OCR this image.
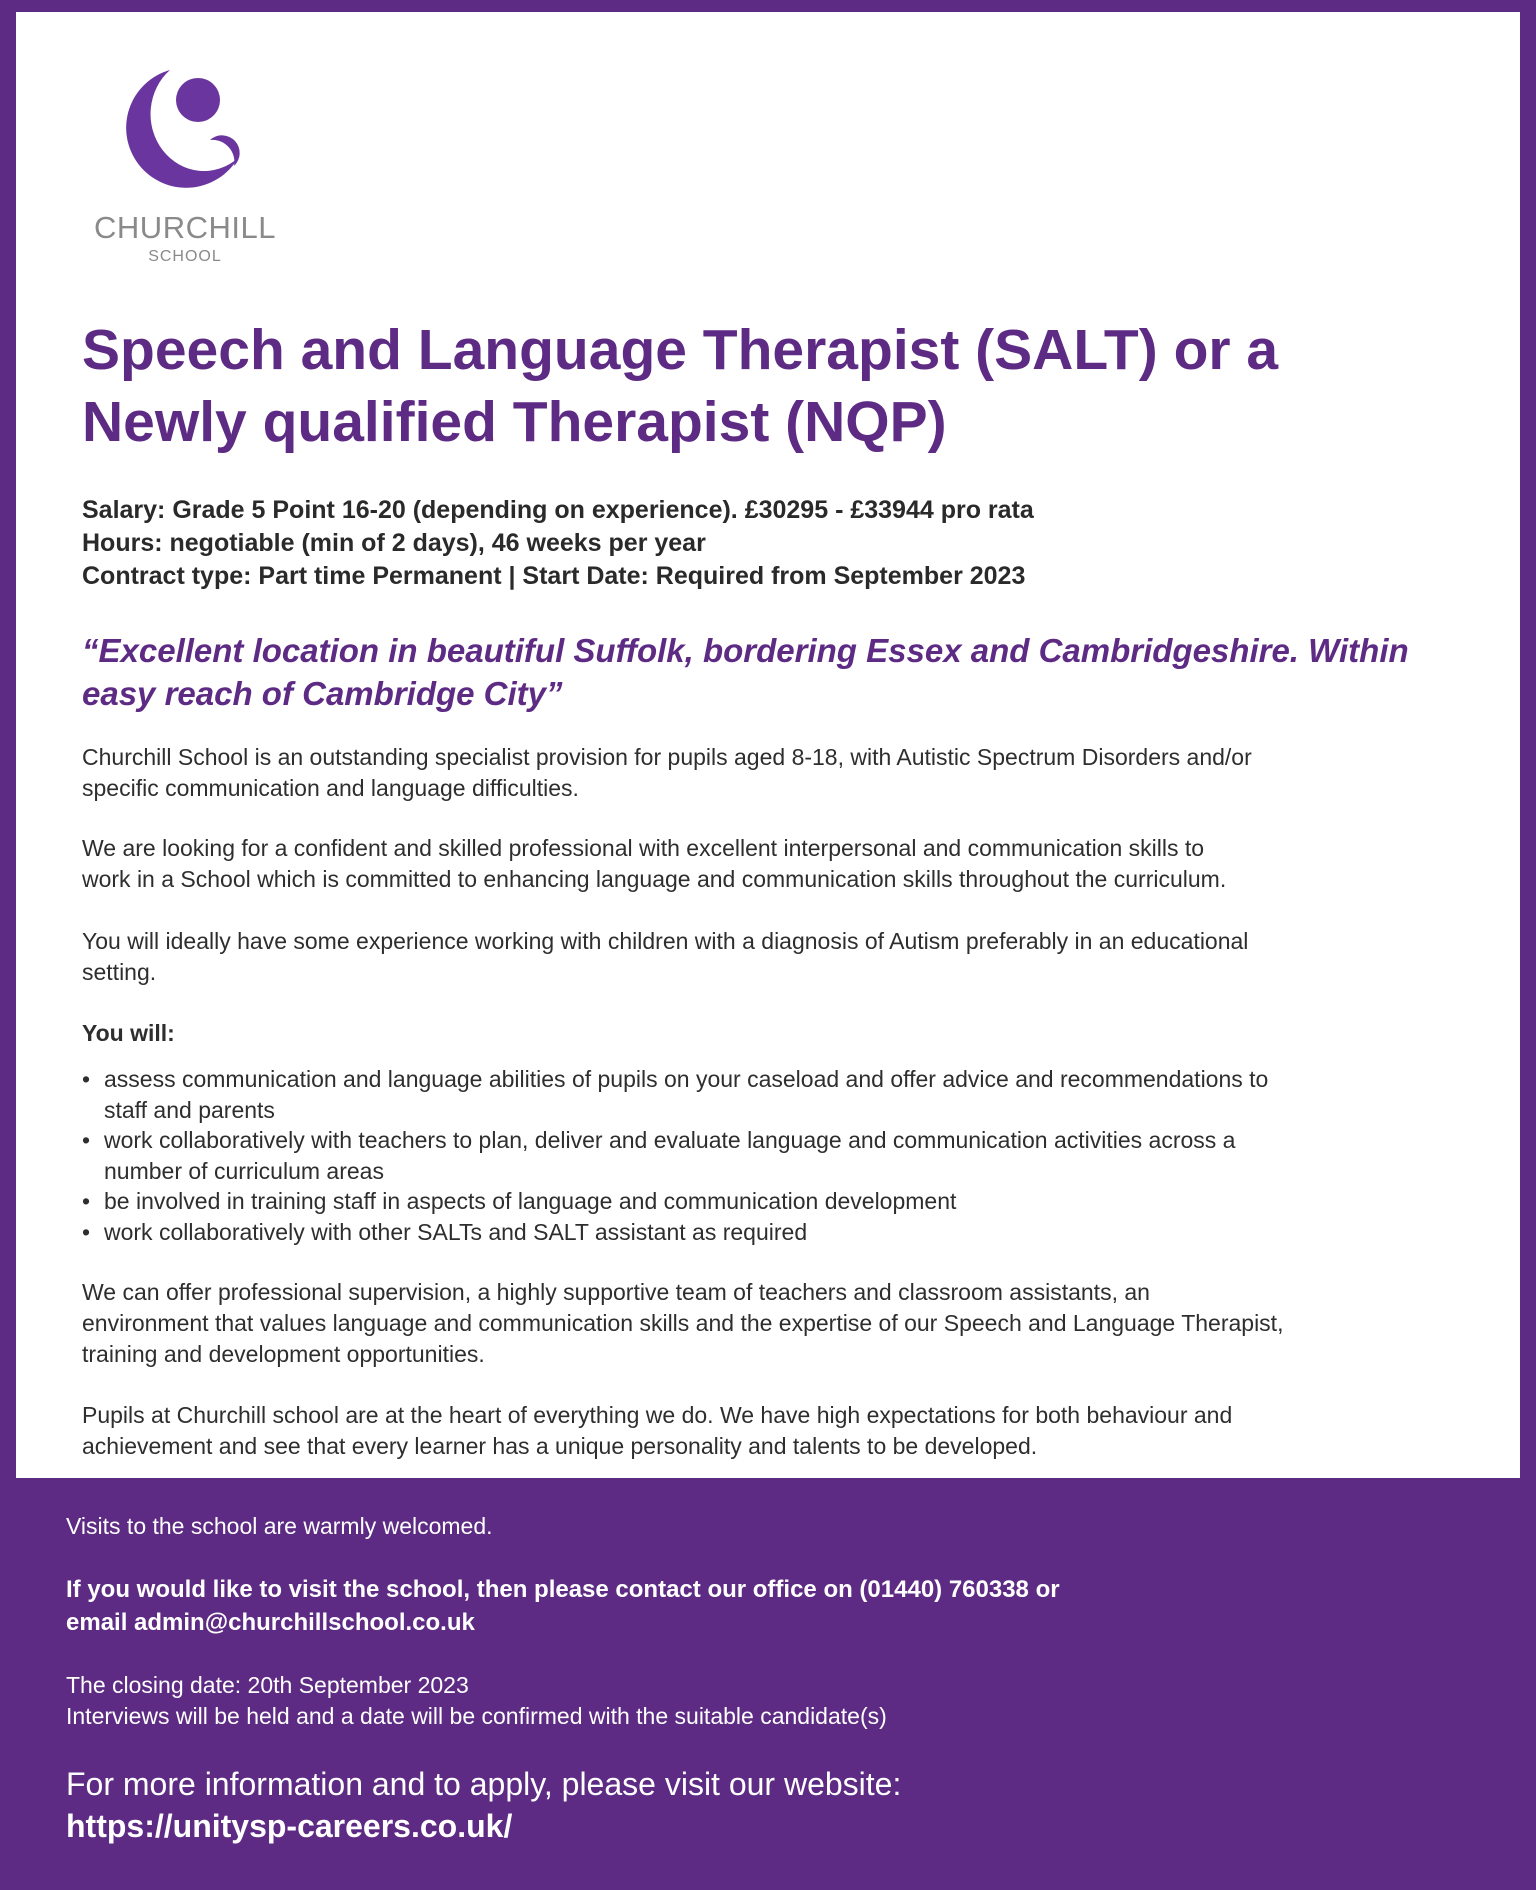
CHURCHILL
SCHOOL
Speech and Language Therapist (SALT) or a
Newly qualified Therapist (NQP)
Salary: Grade 5 Point 16-20 (depending on experience). £30295 - £33944 pro rata
Hours: negotiable (min of 2 days), 46 weeks per year
Contract type: Part time Permanent | Start Date: Required from September 2023
“Excellent location in beautiful Suffolk, bordering Essex and Cambridgeshire. Within
easy reach of Cambridge City”
Churchill School is an outstanding specialist provision for pupils aged 8-18, with Autistic Spectrum Disorders and/or
specific communication and language difficulties.
We are looking for a confident and skilled professional with excellent interpersonal and communication skills to
work in a School which is committed to enhancing language and communication skills throughout the curriculum.
You will ideally have some experience working with children with a diagnosis of Autism preferably in an educational
setting.
You will:
• assess communication and language abilities of pupils on your caseload and offer advice and recommendations to
staff and parents
• work collaboratively with teachers to plan, deliver and evaluate language and communication activities across a
number of curriculum areas
• be involved in training staff in aspects of language and communication development
• work collaboratively with other SALTs and SALT assistant as required
We can offer professional supervision, a highly supportive team of teachers and classroom assistants, an
environment that values language and communication skills and the expertise of our Speech and Language Therapist,
training and development opportunities.
Pupils at Churchill school are at the heart of everything we do. We have high expectations for both behaviour and
achievement and see that every learner has a unique personality and talents to be developed.
Visits to the school are warmly welcomed.
If you would like to visit the school, then please contact our office on (01440) 760338 or
email admin@churchillschool.co.uk
The closing date: 20th September 2023
Interviews will be held and a date will be confirmed with the suitable candidate(s)
For more information and to apply, please visit our website:
https://unitysp-careers.co.uk/
